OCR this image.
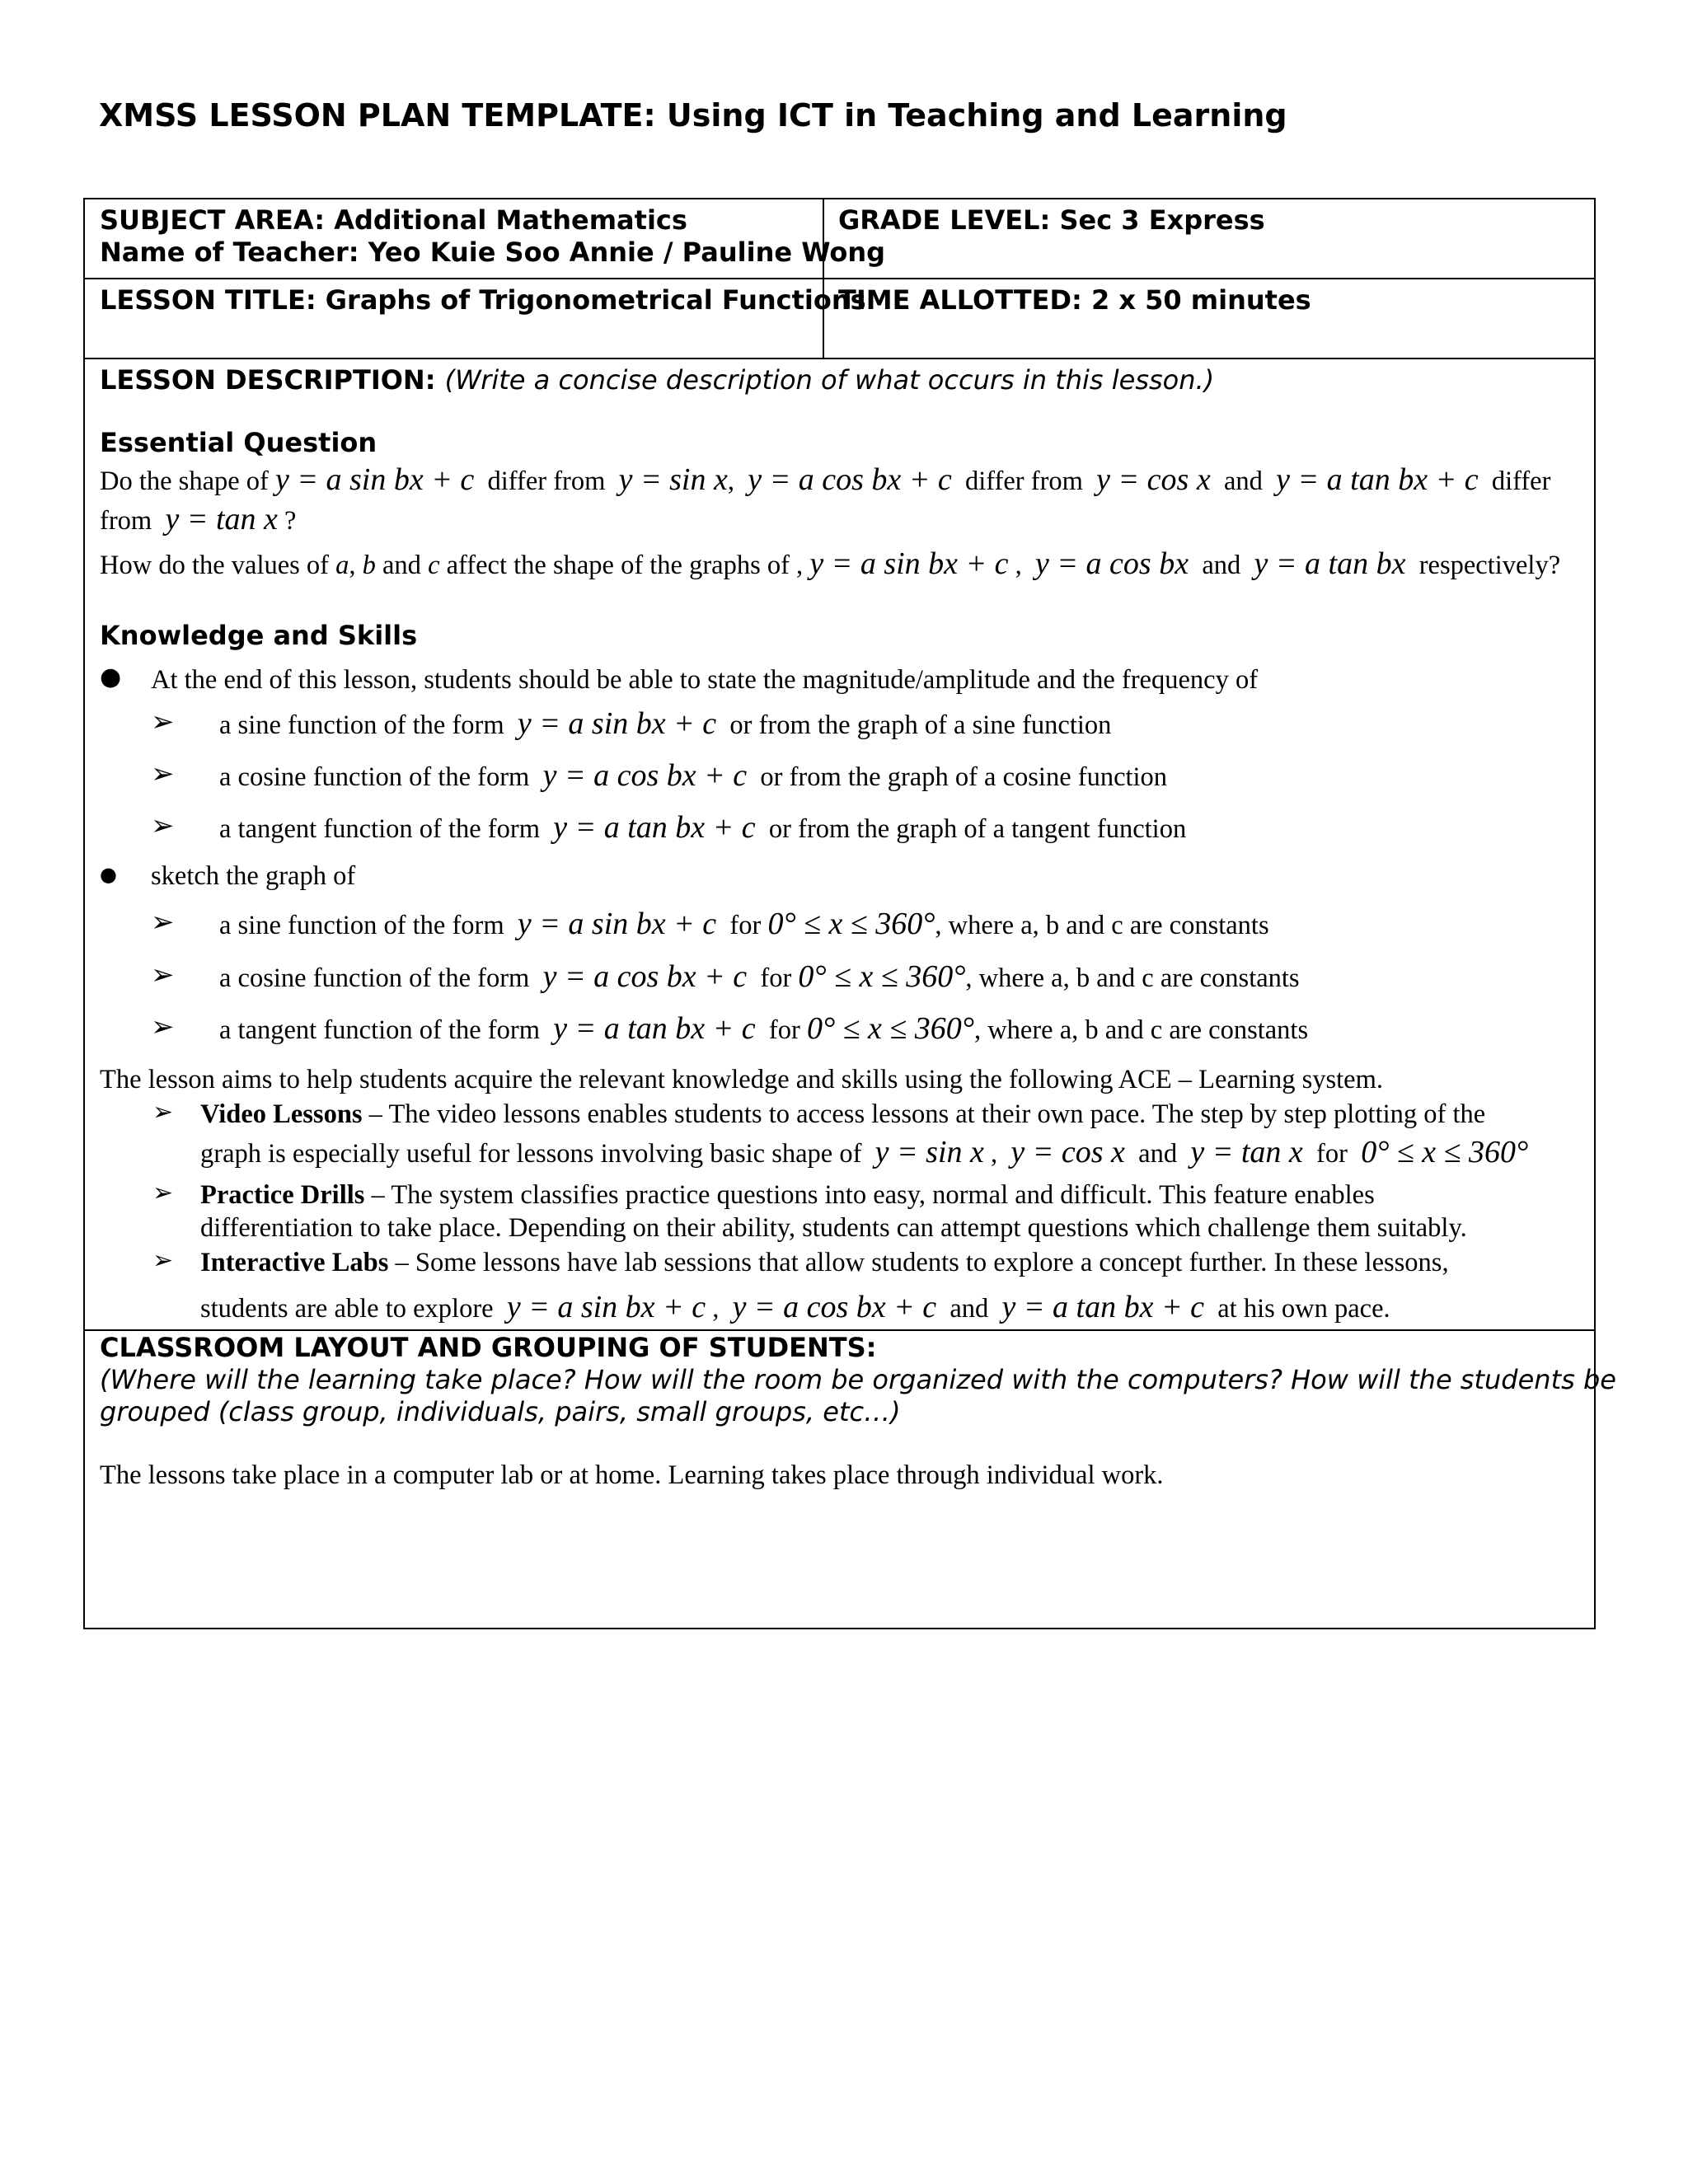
XMSS LESSON PLAN TEMPLATE: Using ICT in Teaching and Learning
SUBJECT AREA: Additional Mathematics
Name of Teacher: Yeo Kuie Soo Annie / Pauline Wong
GRADE LEVEL: Sec 3 Express
LESSON TITLE: Graphs of Trigonometrical Functions
TIME ALLOTTED: 2 x 50 minutes
LESSON DESCRIPTION: (Write a concise description of what occurs in this lesson.)
Essential Question
Do the shape of y = a sin bx + c differ from y = sin x, y = a cos bx + c differ from y = cos x and y = a tan bx + c differ
from y = tan x ?
How do the values of a, b and c affect the shape of the graphs of , y = a sin bx + c , y = a cos bx and y = a tan bx respectively?
Knowledge and Skills
● At the end of this lesson, students should be able to state the magnitude/amplitude and the frequency of
➢ a sine function of the form y = a sin bx + c or from the graph of a sine function
➢ a cosine function of the form y = a cos bx + c or from the graph of a cosine function
➢ a tangent function of the form y = a tan bx + c or from the graph of a tangent function
● sketch the graph of
➢ a sine function of the form y = a sin bx + c for 0° ≤ x ≤ 360°, where a, b and c are constants
➢ a cosine function of the form y = a cos bx + c for 0° ≤ x ≤ 360°, where a, b and c are constants
➢ a tangent function of the form y = a tan bx + c for 0° ≤ x ≤ 360°, where a, b and c are constants
The lesson aims to help students acquire the relevant knowledge and skills using the following ACE – Learning system.
➢ Video Lessons – The video lessons enables students to access lessons at their own pace. The step by step plotting of the
graph is especially useful for lessons involving basic shape of y = sin x , y = cos x and y = tan x for 0° ≤ x ≤ 360°
➢ Practice Drills – The system classifies practice questions into easy, normal and difficult. This feature enables
differentiation to take place. Depending on their ability, students can attempt questions which challenge them suitably.
➢ Interactive Labs – Some lessons have lab sessions that allow students to explore a concept further. In these lessons,
students are able to explore y = a sin bx + c , y = a cos bx + c and y = a tan bx + c at his own pace.
CLASSROOM LAYOUT AND GROUPING OF STUDENTS:
(Where will the learning take place? How will the room be organized with the computers? How will the students be
grouped (class group, individuals, pairs, small groups, etc…)
The lessons take place in a computer lab or at home. Learning takes place through individual work.
